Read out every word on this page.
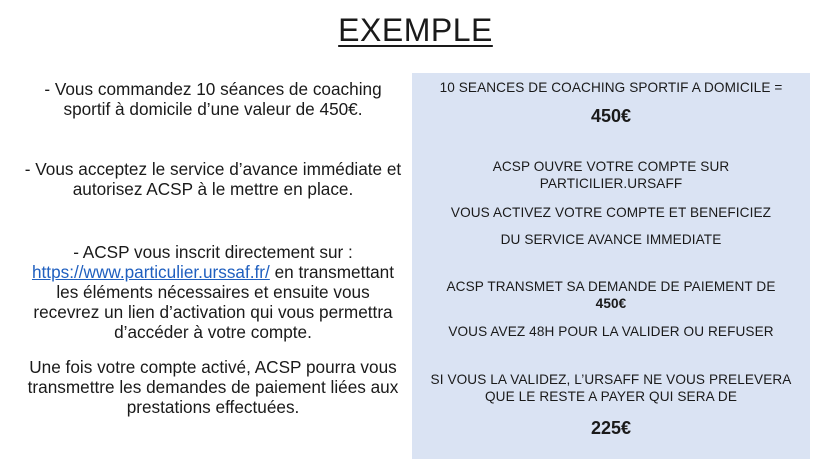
EXEMPLE

- Vous commandez 10 séances de coaching sportif à domicile d’une valeur de 450€.

- Vous acceptez le service d’avance immédiate et autorisez ACSP à le mettre en place.

- ACSP vous inscrit directement sur :
https://www.particulier.urssaf.fr/ en transmettant les éléments nécessaires et ensuite vous recevrez un lien d’activation qui vous permettra d’accéder à votre compte.

Une fois votre compte activé, ACSP pourra vous transmettre les demandes de paiement liées aux prestations effectuées.

10 SEANCES DE COACHING SPORTIF A DOMICILE =
450€
ACSP OUVRE VOTRE COMPTE SUR
PARTICILIER.URSAFF
VOUS ACTIVEZ VOTRE COMPTE ET BENEFICIEZ
DU SERVICE AVANCE IMMEDIATE
ACSP TRANSMET SA DEMANDE DE PAIEMENT DE
450€
VOUS AVEZ 48H POUR LA VALIDER OU REFUSER
SI VOUS LA VALIDEZ, L’URSAFF NE VOUS PRELEVERA
QUE LE RESTE A PAYER QUI SERA DE
225€
